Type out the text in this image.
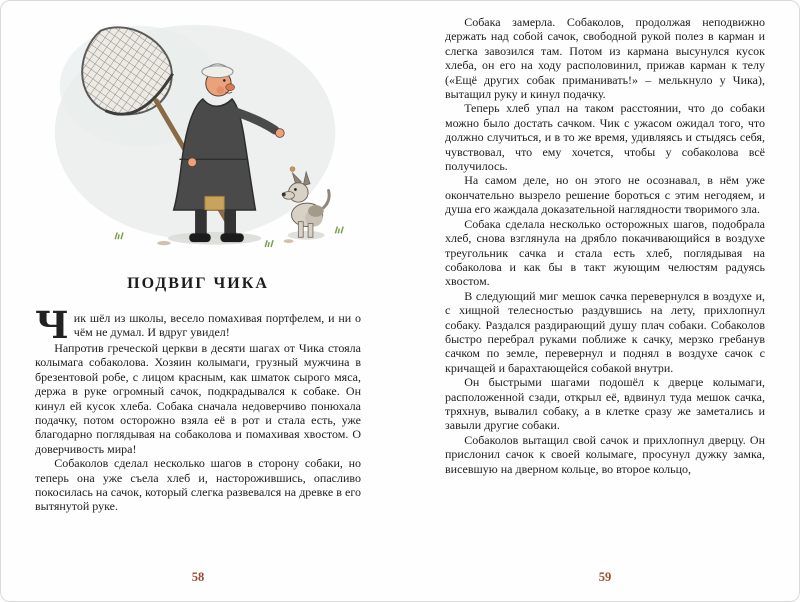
ПОДВИГ ЧИКА

Чик шёл из школы, весело помахивая портфелем, и ни о чём не думал. И вдруг увидел!

Напротив греческой церкви в десяти шагах от Чика стояла колымага собаколова. Хозяин колымаги, грузный мужчина в брезентовой робе, с лицом красным, как шматок сырого мяса, держа в руке огромный сачок, подкрадывался к собаке. Он кинул ей кусок хлеба. Собака сначала недоверчиво понюхала подачку, потом осторожно взяла её в рот и стала есть, уже благодарно поглядывая на собаколова и помахивая хвостом. О доверчивость мира!

Собаколов сделал несколько шагов в сторону собаки, но теперь она уже съела хлеб и, насторожившись, опасливо покосилась на сачок, который слегка развевался на древке в его вытянутой руке.

58

Собака замерла. Собаколов, продолжая неподвижно держать над собой сачок, свободной рукой полез в карман и слегка завозился там. Потом из кармана высунулся кусок хлеба, он его на ходу располовинил, прижав карман к телу («Ещё других собак приманивать!» – мелькнуло у Чика), вытащил руку и кинул подачку.

Теперь хлеб упал на таком расстоянии, что до собаки можно было достать сачком. Чик с ужасом ожидал того, что должно случиться, и в то же время, удивляясь и стыдясь себя, чувствовал, что ему хочется, чтобы у собаколова всё получилось.

На самом деле, но он этого не осознавал, в нём уже окончательно вызрело решение бороться с этим негодяем, и душа его жаждала доказательной наглядности творимого зла.

Собака сделала несколько осторожных шагов, подобрала хлеб, снова взглянула на дрябло покачивающийся в воздухе треугольник сачка и стала есть хлеб, поглядывая на собаколова и как бы в такт жующим челюстям радуясь хвостом.

В следующий миг мешок сачка перевернулся в воздухе и, с хищной телесностью раздувшись на лету, прихлопнул собаку. Раздался раздирающий душу плач собаки. Собаколов быстро перебрал руками поближе к сачку, мерзко гребанув сачком по земле, перевернул и поднял в воздухе сачок с кричащей и барахтающейся собакой внутри.

Он быстрыми шагами подошёл к дверце колымаги, расположенной сзади, открыл её, вдвинул туда мешок сачка, тряхнув, вывалил собаку, а в клетке сразу же заметались и завыли другие собаки.

Собаколов вытащил свой сачок и прихлопнул дверцу. Он прислонил сачок к своей колымаге, просунул дужку замка, висевшую на дверном кольце, во второе кольцо,

59
